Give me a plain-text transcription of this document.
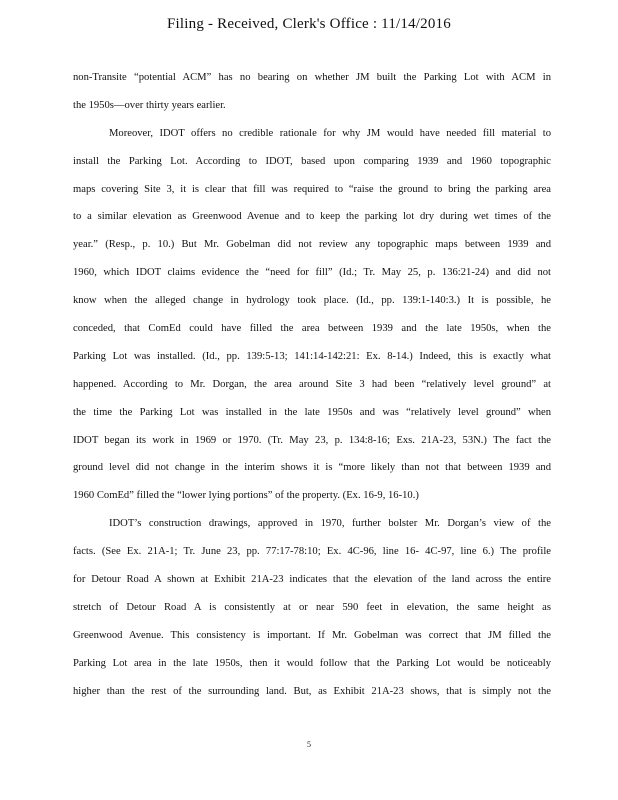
Filing - Received, Clerk's Office : 11/14/2016
non-Transite “potential ACM” has no bearing on whether JM built the Parking Lot with ACM in
the 1950s—over thirty years earlier.
Moreover, IDOT offers no credible rationale for why JM would have needed fill material to
install the Parking Lot. According to IDOT, based upon comparing 1939 and 1960 topographic
maps covering Site 3, it is clear that fill was required to “raise the ground to bring the parking area
to a similar elevation as Greenwood Avenue and to keep the parking lot dry during wet times of the
year.” (Resp., p. 10.) But Mr. Gobelman did not review any topographic maps between 1939 and
1960, which IDOT claims evidence the “need for fill” (Id.; Tr. May 25, p. 136:21-24) and did not
know when the alleged change in hydrology took place. (Id., pp. 139:1-140:3.) It is possible, he
conceded, that ComEd could have filled the area between 1939 and the late 1950s, when the
Parking Lot was installed. (Id., pp. 139:5-13; 141:14-142:21: Ex. 8-14.) Indeed, this is exactly what
happened. According to Mr. Dorgan, the area around Site 3 had been “relatively level ground” at
the time the Parking Lot was installed in the late 1950s and was “relatively level ground” when
IDOT began its work in 1969 or 1970. (Tr. May 23, p. 134:8-16; Exs. 21A-23, 53N.) The fact the
ground level did not change in the interim shows it is “more likely than not that between 1939 and
1960 ComEd” filled the “lower lying portions” of the property. (Ex. 16-9, 16-10.)
IDOT’s construction drawings, approved in 1970, further bolster Mr. Dorgan’s view of the
facts. (See Ex. 21A-1; Tr. June 23, pp. 77:17-78:10; Ex. 4C-96, line 16- 4C-97, line 6.) The profile
for Detour Road A shown at Exhibit 21A-23 indicates that the elevation of the land across the entire
stretch of Detour Road A is consistently at or near 590 feet in elevation, the same height as
Greenwood Avenue. This consistency is important. If Mr. Gobelman was correct that JM filled the
Parking Lot area in the late 1950s, then it would follow that the Parking Lot would be noticeably
higher than the rest of the surrounding land. But, as Exhibit 21A-23 shows, that is simply not the
5
